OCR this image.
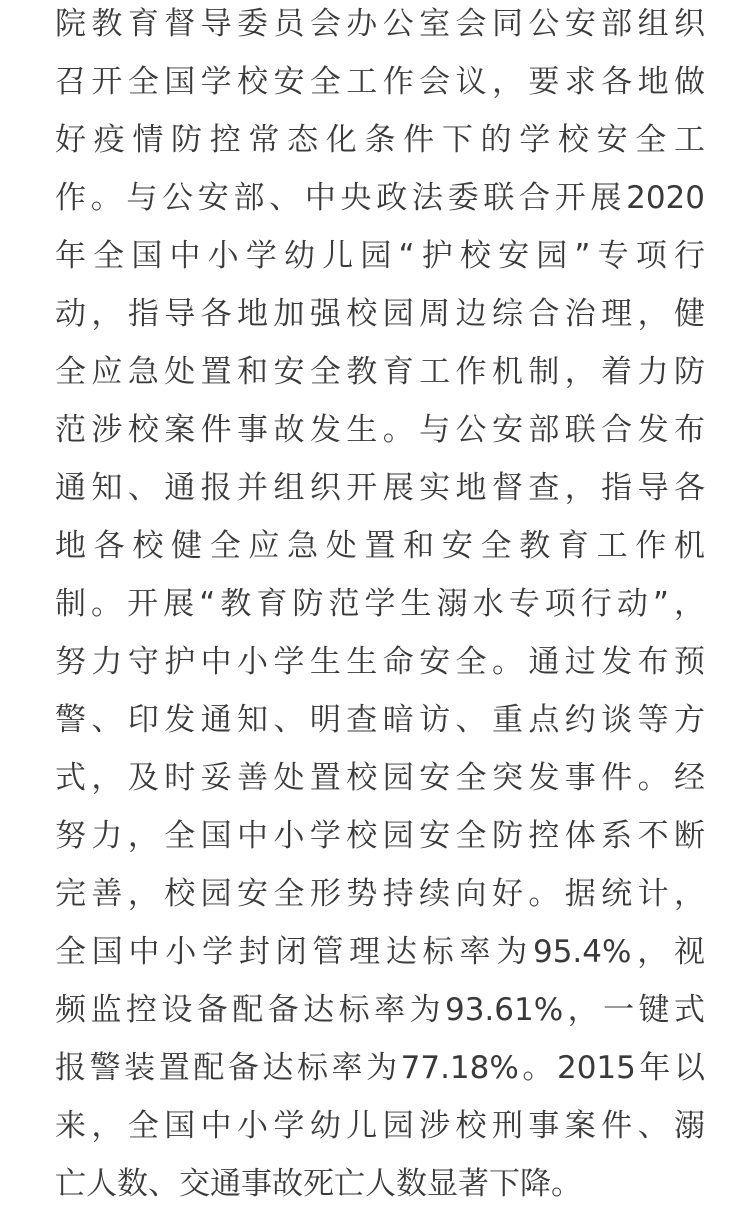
院教育督导委员会办公室会同公安部组织
召开全国学校安全工作会议，要求各地做
好疫情防控常态化条件下的学校安全工
作。与公安部、中央政法委联合开展2020
年全国中小学幼儿园“护校安园”专项行
动，指导各地加强校园周边综合治理，健
全应急处置和安全教育工作机制，着力防
范涉校案件事故发生。与公安部联合发布
通知、通报并组织开展实地督查，指导各
地各校健全应急处置和安全教育工作机
制。开展“教育防范学生溺水专项行动”，
努力守护中小学生生命安全。通过发布预
警、印发通知、明查暗访、重点约谈等方
式，及时妥善处置校园安全突发事件。经
努力，全国中小学校园安全防控体系不断
完善，校园安全形势持续向好。据统计，
全国中小学封闭管理达标率为95.4%，视
频监控设备配备达标率为93.61%，一键式
报警装置配备达标率为77.18%。2015年以
来，全国中小学幼儿园涉校刑事案件、溺
亡人数、交通事故死亡人数显著下降。
